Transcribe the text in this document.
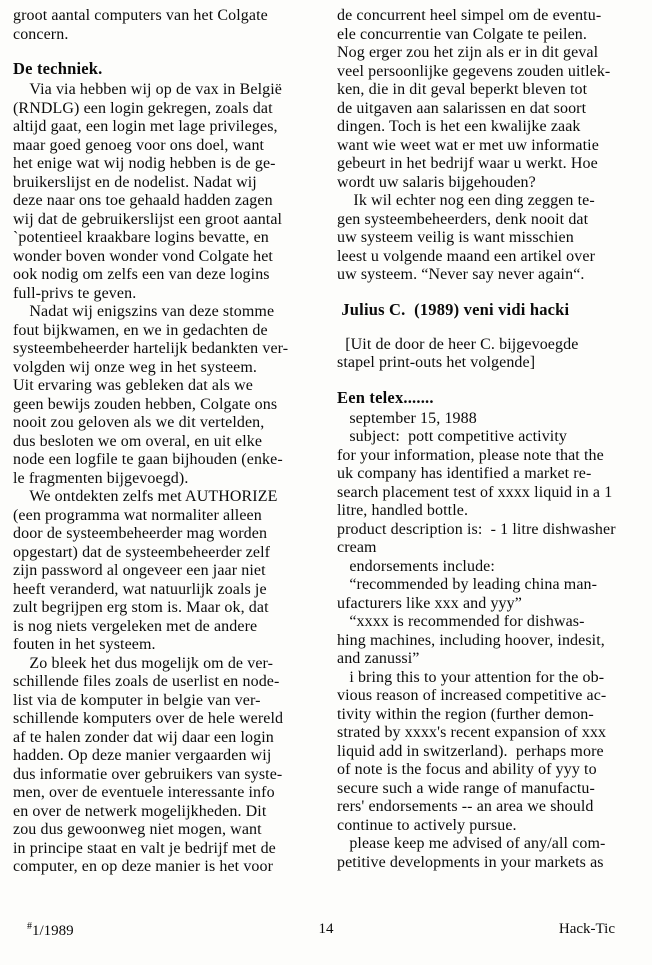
groot aantal computers van het Colgate
concern.
De techniek.
Via via hebben wij op de vax in België
(RNDLG) een login gekregen, zoals dat
altijd gaat, een login met lage privileges,
maar goed genoeg voor ons doel, want
het enige wat wij nodig hebben is de ge-
bruikerslijst en de nodelist. Nadat wij
deze naar ons toe gehaald hadden zagen
wij dat de gebruikerslijst een groot aantal
`potentieel kraakbare logins bevatte, en
wonder boven wonder vond Colgate het
ook nodig om zelfs een van deze logins
full-privs te geven.
Nadat wij enigszins van deze stomme
fout bijkwamen, en we in gedachten de
systeembeheerder hartelijk bedankten ver-
volgden wij onze weg in het systeem.
Uit ervaring was gebleken dat als we
geen bewijs zouden hebben, Colgate ons
nooit zou geloven als we dit vertelden,
dus besloten we om overal, en uit elke
node een logfile te gaan bijhouden (enke-
le fragmenten bijgevoegd).
We ontdekten zelfs met AUTHORIZE
(een programma wat normaliter alleen
door de systeembeheerder mag worden
opgestart) dat de systeembeheerder zelf
zijn password al ongeveer een jaar niet
heeft veranderd, wat natuurlijk zoals je
zult begrijpen erg stom is. Maar ok, dat
is nog niets vergeleken met de andere
fouten in het systeem.
Zo bleek het dus mogelijk om de ver-
schillende files zoals de userlist en node-
list via de komputer in belgie van ver-
schillende komputers over de hele wereld
af te halen zonder dat wij daar een login
hadden. Op deze manier vergaarden wij
dus informatie over gebruikers van syste-
men, over de eventuele interessante info
en over de netwerk mogelijkheden. Dit
zou dus gewoonweg niet mogen, want
in principe staat en valt je bedrijf met de
computer, en op deze manier is het voor
de concurrent heel simpel om de eventu-
ele concurrentie van Colgate te peilen.
Nog erger zou het zijn als er in dit geval
veel persoonlijke gegevens zouden uitlek-
ken, die in dit geval beperkt bleven tot
de uitgaven aan salarissen en dat soort
dingen. Toch is het een kwalijke zaak
want wie weet wat er met uw informatie
gebeurt in het bedrijf waar u werkt. Hoe
wordt uw salaris bijgehouden?
Ik wil echter nog een ding zeggen te-
gen systeembeheerders, denk nooit dat
uw systeem veilig is want misschien
leest u volgende maand een artikel over
uw systeem. “Never say never again“.
Julius C.  (1989) veni vidi hacki
[Uit de door de heer C. bijgevoegde
stapel print-outs het volgende]
Een telex.......
september 15, 1988
subject:  pott competitive activity
for your information, please note that the
uk company has identified a market re-
search placement test of xxxx liquid in a 1
litre, handled bottle.
product description is:  - 1 litre dishwasher
cream
endorsements include:
“recommended by leading china man-
ufacturers like xxx and yyy”
“xxxx is recommended for dishwas-
hing machines, including hoover, indesit,
and zanussi”
i bring this to your attention for the ob-
vious reason of increased competitive ac-
tivity within the region (further demon-
strated by xxxx's recent expansion of xxx
liquid add in switzerland).  perhaps more
of note is the focus and ability of yyy to
secure such a wide range of manufactu-
rers' endorsements -- an area we should
continue to actively pursue.
please keep me advised of any/all com-
petitive developments in your markets as
#1/1989	14	Hack-Tic
